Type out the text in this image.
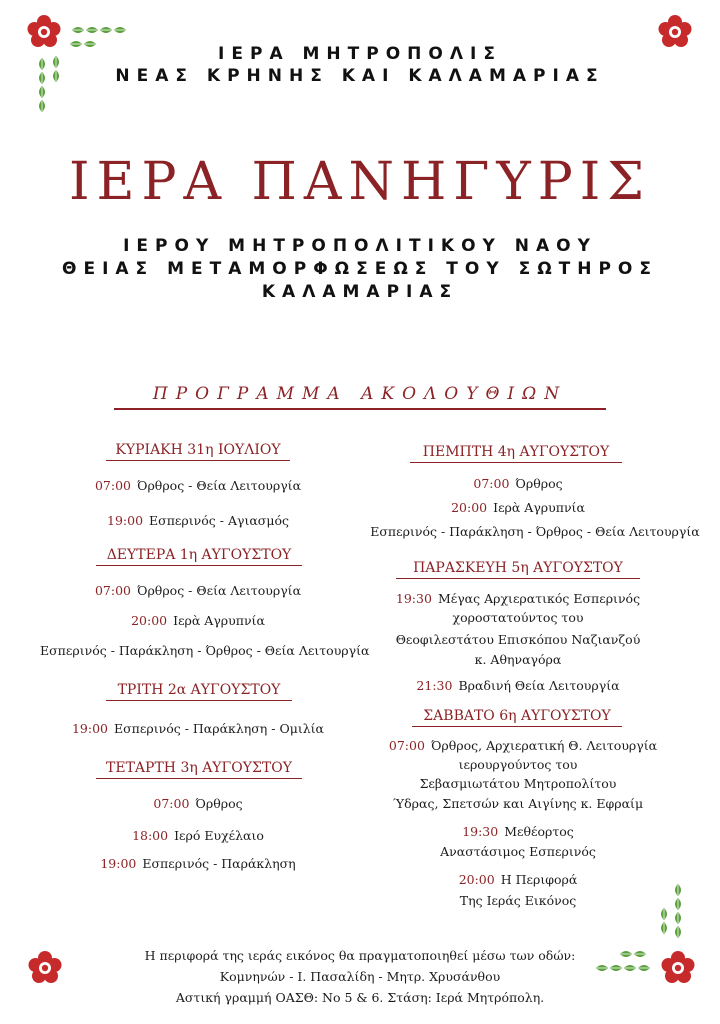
ΙΕΡΑ ΜΗΤΡΟΠΟΛΙΣ
ΝΕΑΣ ΚΡΗΝΗΣ ΚΑΙ ΚΑΛΑΜΑΡΙΑΣ
ΙΕΡΑ ΠΑΝΗΓΥΡΙΣ
ΙΕΡΟΥ ΜΗΤΡΟΠΟΛΙΤΙΚΟΥ ΝΑΟΥ
ΘΕΙΑΣ ΜΕΤΑΜΟΡΦΩΣΕΩΣ ΤΟΥ ΣΩΤΗΡΟΣ
ΚΑΛΑΜΑΡΙΑΣ
ΠΡΟΓΡΑΜΜΑ ΑΚΟΛΟΥΘΙΩΝ
ΚΥΡΙΑΚΗ 31η ΙΟΥΛΙΟΥ
07:00 Όρθρος - Θεία Λειτουργία
19:00 Εσπερινός - Αγιασμός
ΔΕΥΤΕΡΑ 1η ΑΥΓΟΥΣΤΟΥ
07:00 Όρθρος - Θεία Λειτουργία
20:00 Ιερὰ Αγρυπνία
Εσπερινός - Παράκληση - Όρθρος - Θεία Λειτουργία
ΤΡΙΤΗ 2α ΑΥΓΟΥΣΤΟΥ
19:00 Εσπερινός - Παράκληση - Ομιλία
ΤΕΤΑΡΤΗ 3η ΑΥΓΟΥΣΤΟΥ
07:00 Όρθρος
18:00 Ιερό Ευχέλαιο
19:00 Εσπερινός - Παράκληση
ΠΕΜΠΤΗ 4η ΑΥΓΟΥΣΤΟΥ
07:00 Όρθρος
20:00 Ιερὰ Αγρυπνία
Εσπερινός - Παράκληση - Όρθρος - Θεία Λειτουργία
ΠΑΡΑΣΚΕΥΗ 5η ΑΥΓΟΥΣΤΟΥ
19:30 Μέγας Αρχιερατικός Εσπερινός
χοροστατούντος του
Θεοφιλεστάτου Επισκόπου Ναζιανζού
κ. Αθηναγόρα
21:30 Βραδινή Θεία Λειτουργία
ΣΑΒΒΑΤΟ 6η ΑΥΓΟΥΣΤΟΥ
07:00 Όρθρος, Αρχιερατική Θ. Λειτουργία
ιερουργούντος του
Σεβασμιωτάτου Μητροπολίτου
Ύδρας, Σπετσών και Αιγίνης κ. Εφραίμ
19:30 Μεθέορτος
Αναστάσιμος Εσπερινός
20:00 Η Περιφορά
Της Ιεράς Εικόνος
Η περιφορά της ιεράς εικόνος θα πραγματοποιηθεί μέσω των οδών:
Κομνηνών - Ι. Πασαλίδη - Μητρ. Χρυσάνθου
Αστική γραμμή ΟΑΣΘ: Νο 5 & 6. Στάση: Ιερά Μητρόπολη.
